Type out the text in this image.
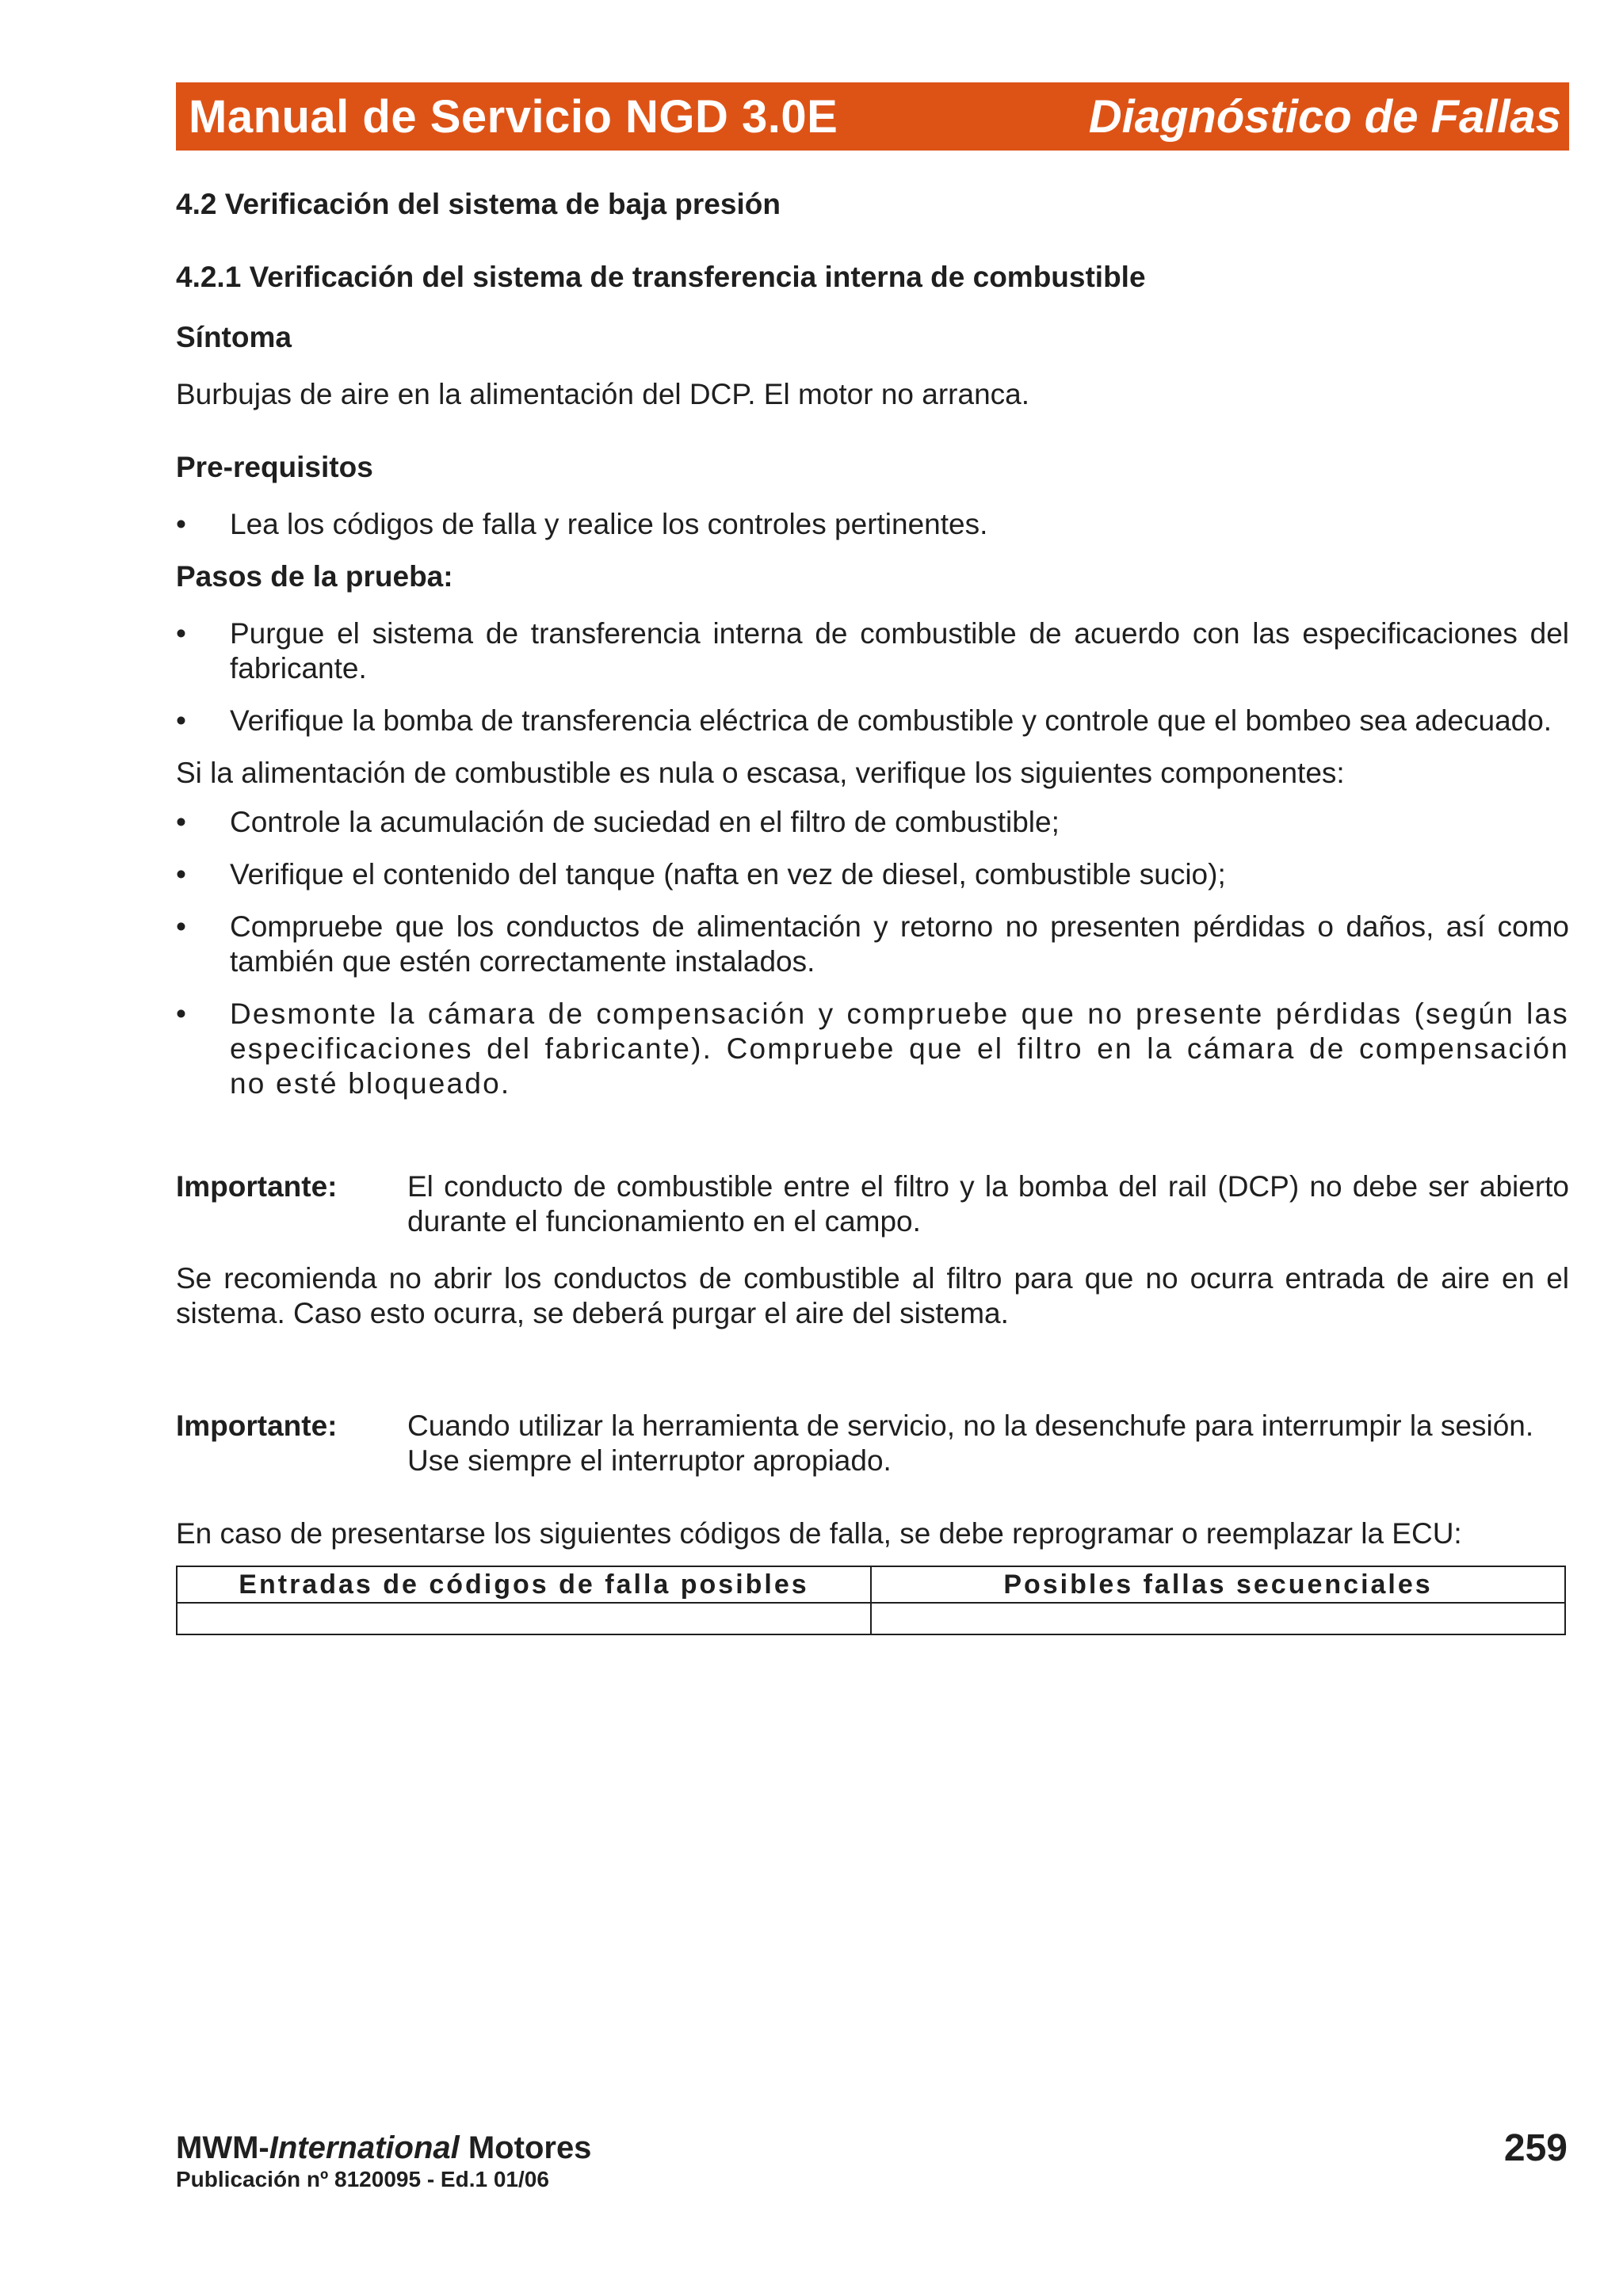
Manual de Servicio NGD 3.0E	Diagnóstico de Fallas
4.2 Verificación del sistema de baja presión
4.2.1 Verificación del sistema de transferencia interna de combustible
Síntoma

Burbujas de aire en la alimentación del DCP. El motor no arranca.

Pre-requisitos
• Lea los códigos de falla y realice los controles pertinentes.
Pasos de la prueba:
• Purgue el sistema de transferencia interna de combustible de acuerdo con las especificaciones del fabricante.
• Verifique la bomba de transferencia eléctrica de combustible y controle que el bombeo sea adecuado.

Si la alimentación de combustible es nula o escasa, verifique los siguientes componentes:

• Controle la acumulación de suciedad en el filtro de combustible;
• Verifique el contenido del tanque (nafta en vez de diesel, combustible sucio);
• Compruebe que los conductos de alimentación y retorno no presenten pérdidas o daños, así como también que estén correctamente instalados.
• Desmonte la cámara de compensación y compruebe que no presente pérdidas (según las especificaciones del fabricante). Compruebe que el filtro en la cámara de compensación no esté bloqueado.
Importante:	El conducto de combustible entre el filtro y la bomba del rail (DCP) no debe ser abierto durante el funcionamiento en el campo.

Se recomienda no abrir los conductos de combustible al filtro para que no ocurra entrada de aire en el sistema. Caso esto ocurra, se deberá purgar el aire del sistema.

Importante:	Cuando utilizar la herramienta de servicio, no la desenchufe para interrumpir la sesión.
Use siempre el interruptor apropiado.

En caso de presentarse los siguientes códigos de falla, se debe reprogramar o reemplazar la ECU:

Entradas de códigos de falla posibles	Posibles fallas secuenciales

MWM-International Motores
Publicación nº 8120095 - Ed.1 01/06
259
